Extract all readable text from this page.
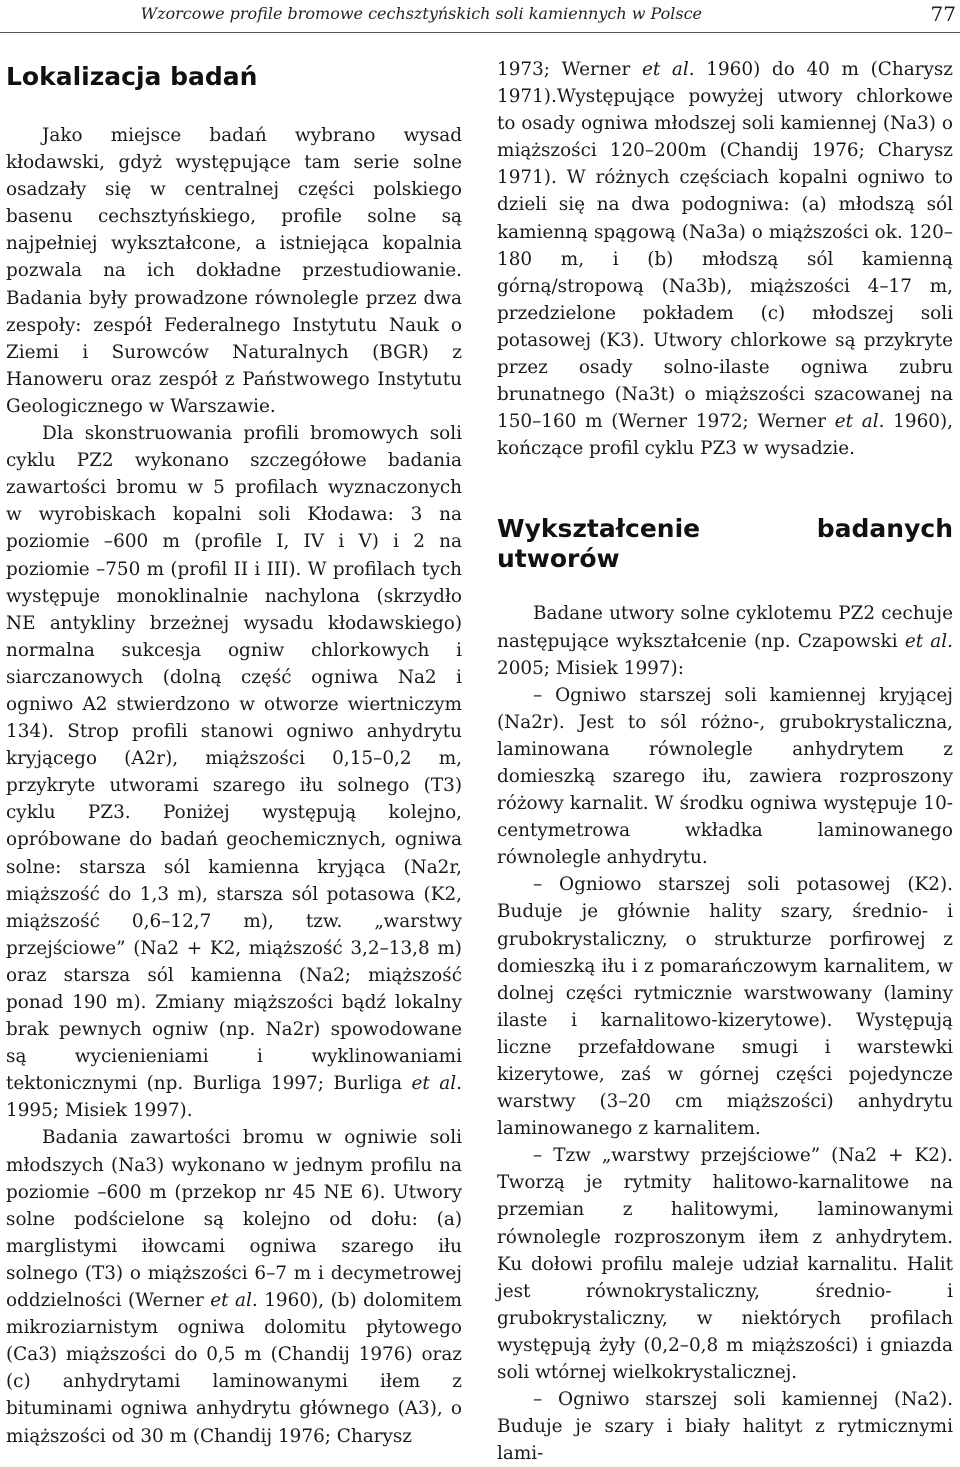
Wzorcowe profile bromowe cechsztyńskich soli kamiennych w Polsce	77
Lokalizacja badań

Jako miejsce badań wybrano wysad kłodawski, gdyż występujące tam serie solne osadzały się w centralnej części polskiego basenu cechsztyńskiego, profile solne są najpełniej wykształcone, a istniejąca kopalnia pozwala na ich dokładne przestudiowanie. Badania były prowadzone równolegle przez dwa zespoły: zespół Federalnego Instytutu Nauk o Ziemi i Surowców Naturalnych (BGR) z Hanoweru oraz zespół z Państwowego Instytutu Geologicznego w Warszawie.

Dla skonstruowania profili bromowych soli cyklu PZ2 wykonano szczegółowe badania zawartości bromu w 5 profilach wyznaczonych w wyrobiskach kopalni soli Kłodawa: 3 na poziomie –600 m (profile I, IV i V) i 2 na poziomie –750 m (profil II i III). W profilach tych występuje monoklinalnie nachylona (skrzydło NE antykliny brzeżnej wysadu kłodawskiego) normalna sukcesja ogniw chlorkowych i siarczanowych (dolną część ogniwa Na2 i ogniwo A2 stwierdzono w otworze wiertniczym 134). Strop profili stanowi ogniwo anhydrytu kryjącego (A2r), miąższości 0,15–0,2 m, przykryte utworami szarego iłu solnego (T3) cyklu PZ3. Poniżej występują kolejno, opróbowane do badań geochemicznych, ogniwa solne: starsza sól kamienna kryjąca (Na2r, miąższość do 1,3 m), starsza sól potasowa (K2, miąższość 0,6–12,7 m), tzw. „warstwy przejściowe” (Na2 + K2, miąższość 3,2–13,8 m) oraz starsza sól kamienna (Na2; miąższość ponad 190 m). Zmiany miąższości bądź lokalny brak pewnych ogniw (np. Na2r) spowodowane są wycienieniami i wyklinowaniami tektonicznymi (np. Burliga 1997; Burliga et al. 1995; Misiek 1997).

Badania zawartości bromu w ogniwie soli młodszych (Na3) wykonano w jednym profilu na poziomie –600 m (przekop nr 45 NE 6). Utwory solne podścielone są kolejno od dołu: (a) marglistymi iłowcami ogniwa szarego iłu solnego (T3) o miąższości 6–7 m i decymetrowej oddzielności (Werner et al. 1960), (b) dolomitem mikroziarnistym ogniwa dolomitu płytowego (Ca3) miąższości do 0,5 m (Chandij 1976) oraz (c) anhydrytami laminowanymi iłem z bituminami ogniwa anhydrytu głównego (A3), o miąższości od 30 m (Chandij 1976; Charysz

1973; Werner et al. 1960) do 40 m (Charysz 1971).Występujące powyżej utwory chlorkowe to osady ogniwa młodszej soli kamiennej (Na3) o miąższości 120–200m (Chandij 1976; Charysz 1971). W różnych częściach kopalni ogniwo to dzieli się na dwa podogniwa: (a) młodszą sól kamienną spągową (Na3a) o miąższości ok. 120–180 m, i (b) młodszą sól kamienną górną/stropową (Na3b), miąższości 4–17 m, przedzielone pokładem (c) młodszej soli potasowej (K3). Utwory chlorkowe są przykryte przez osady solno-ilaste ogniwa zubru brunatnego (Na3t) o miąższości szacowanej na 150–160 m (Werner 1972; Werner et al. 1960), kończące profil cyklu PZ3 w wysadzie.

Wykształcenie badanych utworów

Badane utwory solne cyklotemu PZ2 cechuje następujące wykształcenie (np. Czapowski et al. 2005; Misiek 1997):

– Ogniwo starszej soli kamiennej kryjącej (Na2r). Jest to sól różno-, grubokrystaliczna, laminowana równolegle anhydrytem z domieszką szarego iłu, zawiera rozproszony różowy karnalit. W środku ogniwa występuje 10-centymetrowa wkładka laminowanego równolegle anhydrytu.

– Ogniowo starszej soli potasowej (K2). Buduje je głównie hality szary, średnio- i grubokrystaliczny, o strukturze porfirowej z domieszką iłu i z pomarańczowym karnalitem, w dolnej części rytmicznie warstwowany (laminy ilaste i karnalitowo-kizerytowe). Występują liczne przefałdowane smugi i warstewki kizerytowe, zaś w górnej części pojedyncze warstwy (3–20 cm miąższości) anhydrytu laminowanego z karnalitem.

– Tzw „warstwy przejściowe” (Na2 + K2). Tworzą je rytmity halitowo-karnalitowe na przemian z halitowymi, laminowanymi równolegle rozproszonym iłem z anhydrytem. Ku dołowi profilu maleje udział karnalitu. Halit jest równokrystaliczny, średnio- i grubokrystaliczny, w niektórych profilach występują żyły (0,2–0,8 m miąższości) i gniazda soli wtórnej wielkokrystalicznej.

– Ogniwo starszej soli kamiennej (Na2). Buduje je szary i biały halityt z rytmicznymi lami-
